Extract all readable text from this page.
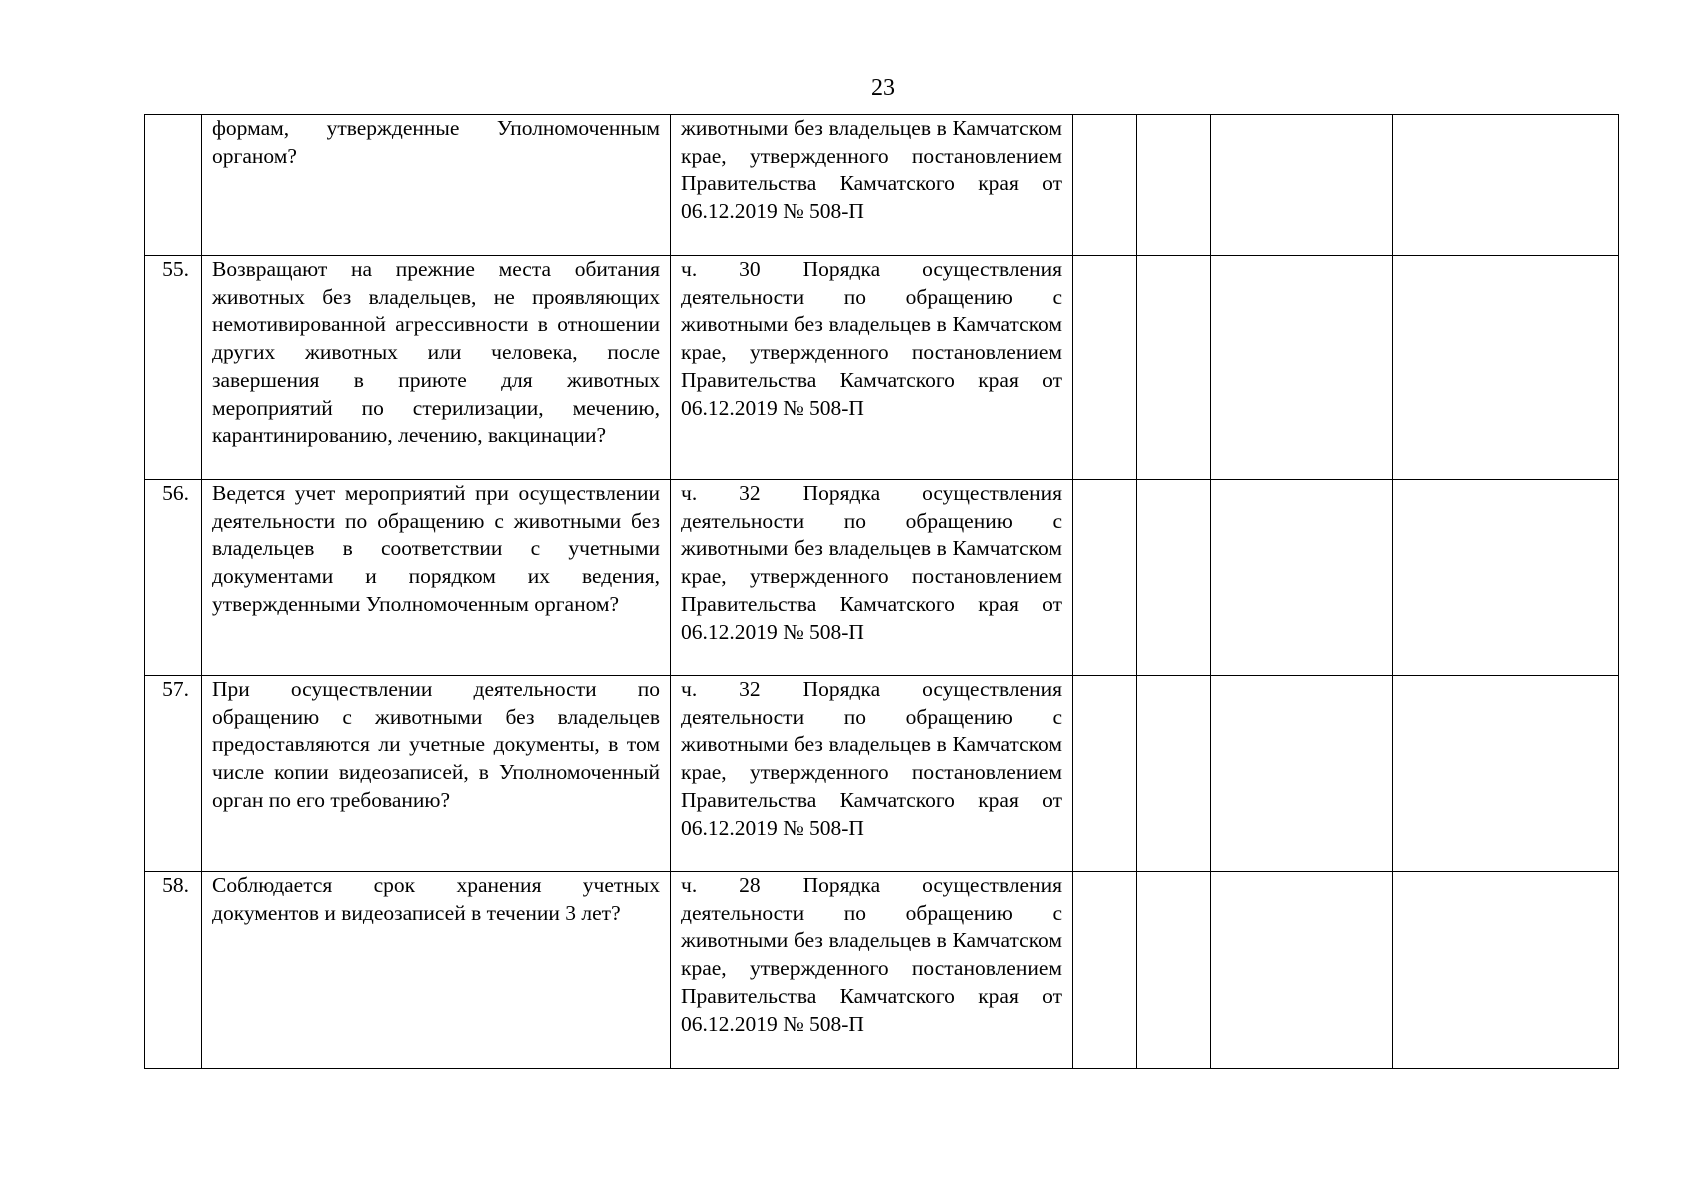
23
	формам, утвержденные Уполномоченным органом?	животными без владельцев в Камчатском крае, утвержденного постановлением Правительства Камчатского края от 06.12.2019 № 508-П				
55.	Возвращают на прежние места обитания животных без владельцев, не проявляющих немотивированной агрессивности в отношении других животных или человека, после завершения в приюте для животных мероприятий по стерилизации, мечению, карантинированию, лечению, вакцинации?	ч. 30 Порядка осуществления деятельности по обращению с животными без владельцев в Камчатском крае, утвержденного постановлением Правительства Камчатского края от 06.12.2019 № 508-П				
56.	Ведется учет мероприятий при осуществлении деятельности по обращению с животными без владельцев в соответствии с учетными документами и порядком их ведения, утвержденными Уполномоченным органом?	ч. 32 Порядка осуществления деятельности по обращению с животными без владельцев в Камчатском крае, утвержденного постановлением Правительства Камчатского края от 06.12.2019 № 508-П				
57.	При осуществлении деятельности по обращению с животными без владельцев предоставляются ли учетные документы, в том числе копии видеозаписей, в Уполномоченный орган по его требованию?	ч. 32 Порядка осуществления деятельности по обращению с животными без владельцев в Камчатском крае, утвержденного постановлением Правительства Камчатского края от 06.12.2019 № 508-П				
58.	Соблюдается срок хранения учетных документов и видеозаписей в течении 3 лет?	ч. 28 Порядка осуществления деятельности по обращению с животными без владельцев в Камчатском крае, утвержденного постановлением Правительства Камчатского края от 06.12.2019 № 508-П				
